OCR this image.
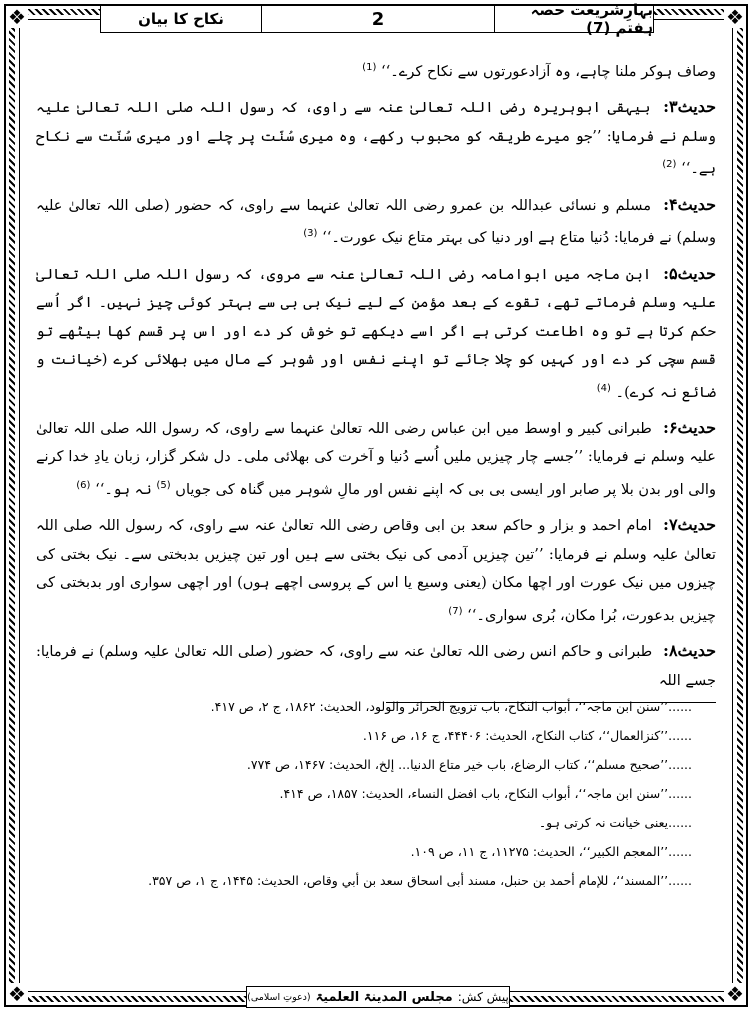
❖	❖
❖	❖
نکاح کا بیان	2	بہارِشریعت حصہ ہفتم (7)

وصاف ہوکر ملنا چاہے، وہ آزادعورتوں سے نکاح کرے۔‘‘ $^{(1)}$

حدیث۳: بیہقی ابوہریرہ رضی اللہ تعالیٰ عنہ سے راوی، کہ رسول اللہ صلی اللہ تعالیٰ علیہ وسلم نے فرمایا: ’’جو میرے طریقہ کو محبوب رکھے، وہ میری سُنّت پر چلے اور میری سُنّت سے نکاح ہے۔‘‘ $^{(2)}$

حدیث۴: مسلم و نسائی عبداللہ بن عمرو رضی اللہ تعالیٰ عنہما سے راوی، کہ حضور (صلی اللہ تعالیٰ علیہ وسلم) نے فرمایا: دُنیا متاع ہے اور دنیا کی بہتر متاع نیک عورت۔‘‘ $^{(3)}$

حدیث۵: ابن ماجہ میں ابوامامہ رضی اللہ تعالیٰ عنہ سے مروی، کہ رسول اللہ صلی اللہ تعالیٰ علیہ وسلم فرماتے تھے، تقوے کے بعد مؤمن کے لیے نیک بی بی سے بہتر کوئی چیز نہیں۔ اگر اُسے حکم کرتا ہے تو وہ اطاعت کرتی ہے اگر اسے دیکھے تو خوش کر دے اور اس پر قسم کھا بیٹھے تو قسم سچی کر دے اور کہیں کو چلا جائے تو اپنے نفس اور شوہر کے مال میں بھلائی کرے (خیانت و ضائع نہ کرے)۔ $^{(4)}$

حدیث۶: طبرانی کبیر و اوسط میں ابن عباس رضی اللہ تعالیٰ عنہما سے راوی، کہ رسول اللہ صلی اللہ تعالیٰ علیہ وسلم نے فرمایا: ’’جسے چار چیزیں ملیں اُسے دُنیا و آخرت کی بھلائی ملی۔ دل شکر گزار، زبان یادِ خدا کرنے والی اور بدن بلا پر صابر اور ایسی بی بی کہ اپنے نفس اور مالِ شوہر میں گناہ کی جویاں $^{(5)}$ نہ ہو۔‘‘ $^{(6)}$

حدیث۷: امام احمد و بزار و حاکم سعد بن ابی وقاص رضی اللہ تعالیٰ عنہ سے راوی، کہ رسول اللہ صلی اللہ تعالیٰ علیہ وسلم نے فرمایا: ’’تین چیزیں آدمی کی نیک بختی سے ہیں اور تین چیزیں بدبختی سے۔ نیک بختی کی چیزوں میں نیک عورت اور اچھا مکان (یعنی وسیع یا اس کے پروسی اچھے ہوں) اور اچھی سواری اور بدبختی کی چیزیں بدعورت، بُرا مکان، بُری سواری۔‘‘ $^{(7)}$

حدیث۸: طبرانی و حاکم انس رضی اللہ تعالیٰ عنہ سے راوی، کہ حضور (صلی اللہ تعالیٰ علیہ وسلم) نے فرمایا: جسے اللہ

......’’سنن ابن ماجہ‘‘، أبواب النکاح، باب تزویج الحرائر والولود، الحدیث: ۱۸۶۲، ج ۲، ص ۴۱۷.
......’’کنزالعمال‘‘، کتاب النکاح، الحدیث: ۴۴۴۰۶، ج ۱۶، ص ۱۱۶.
......’’صحیح مسلم‘‘، کتاب الرضاع، باب خیر متاع الدنیا... إلخ، الحدیث: ۱۴۶۷، ص ۷۷۴.
......’’سنن ابن ماجہ‘‘، أبواب النکاح، باب افضل النساء، الحدیث: ۱۸۵۷، ص ۴۱۴.
......یعنی خیانت نہ کرتی ہو۔
......’’المعجم الکبیر‘‘، الحدیث: ۱۱۲۷۵، ج ۱۱، ص ۱۰۹.
......’’المسند‘‘، للإمام أحمد بن حنبل، مسند أبی اسحاق سعد بن أبي وقاص، الحدیث: ۱۴۴۵، ج ۱، ص ۳۵۷.
پیش کش:
مجلس المدینۃ العلمیۃ
(دعوتِ اسلامی)
